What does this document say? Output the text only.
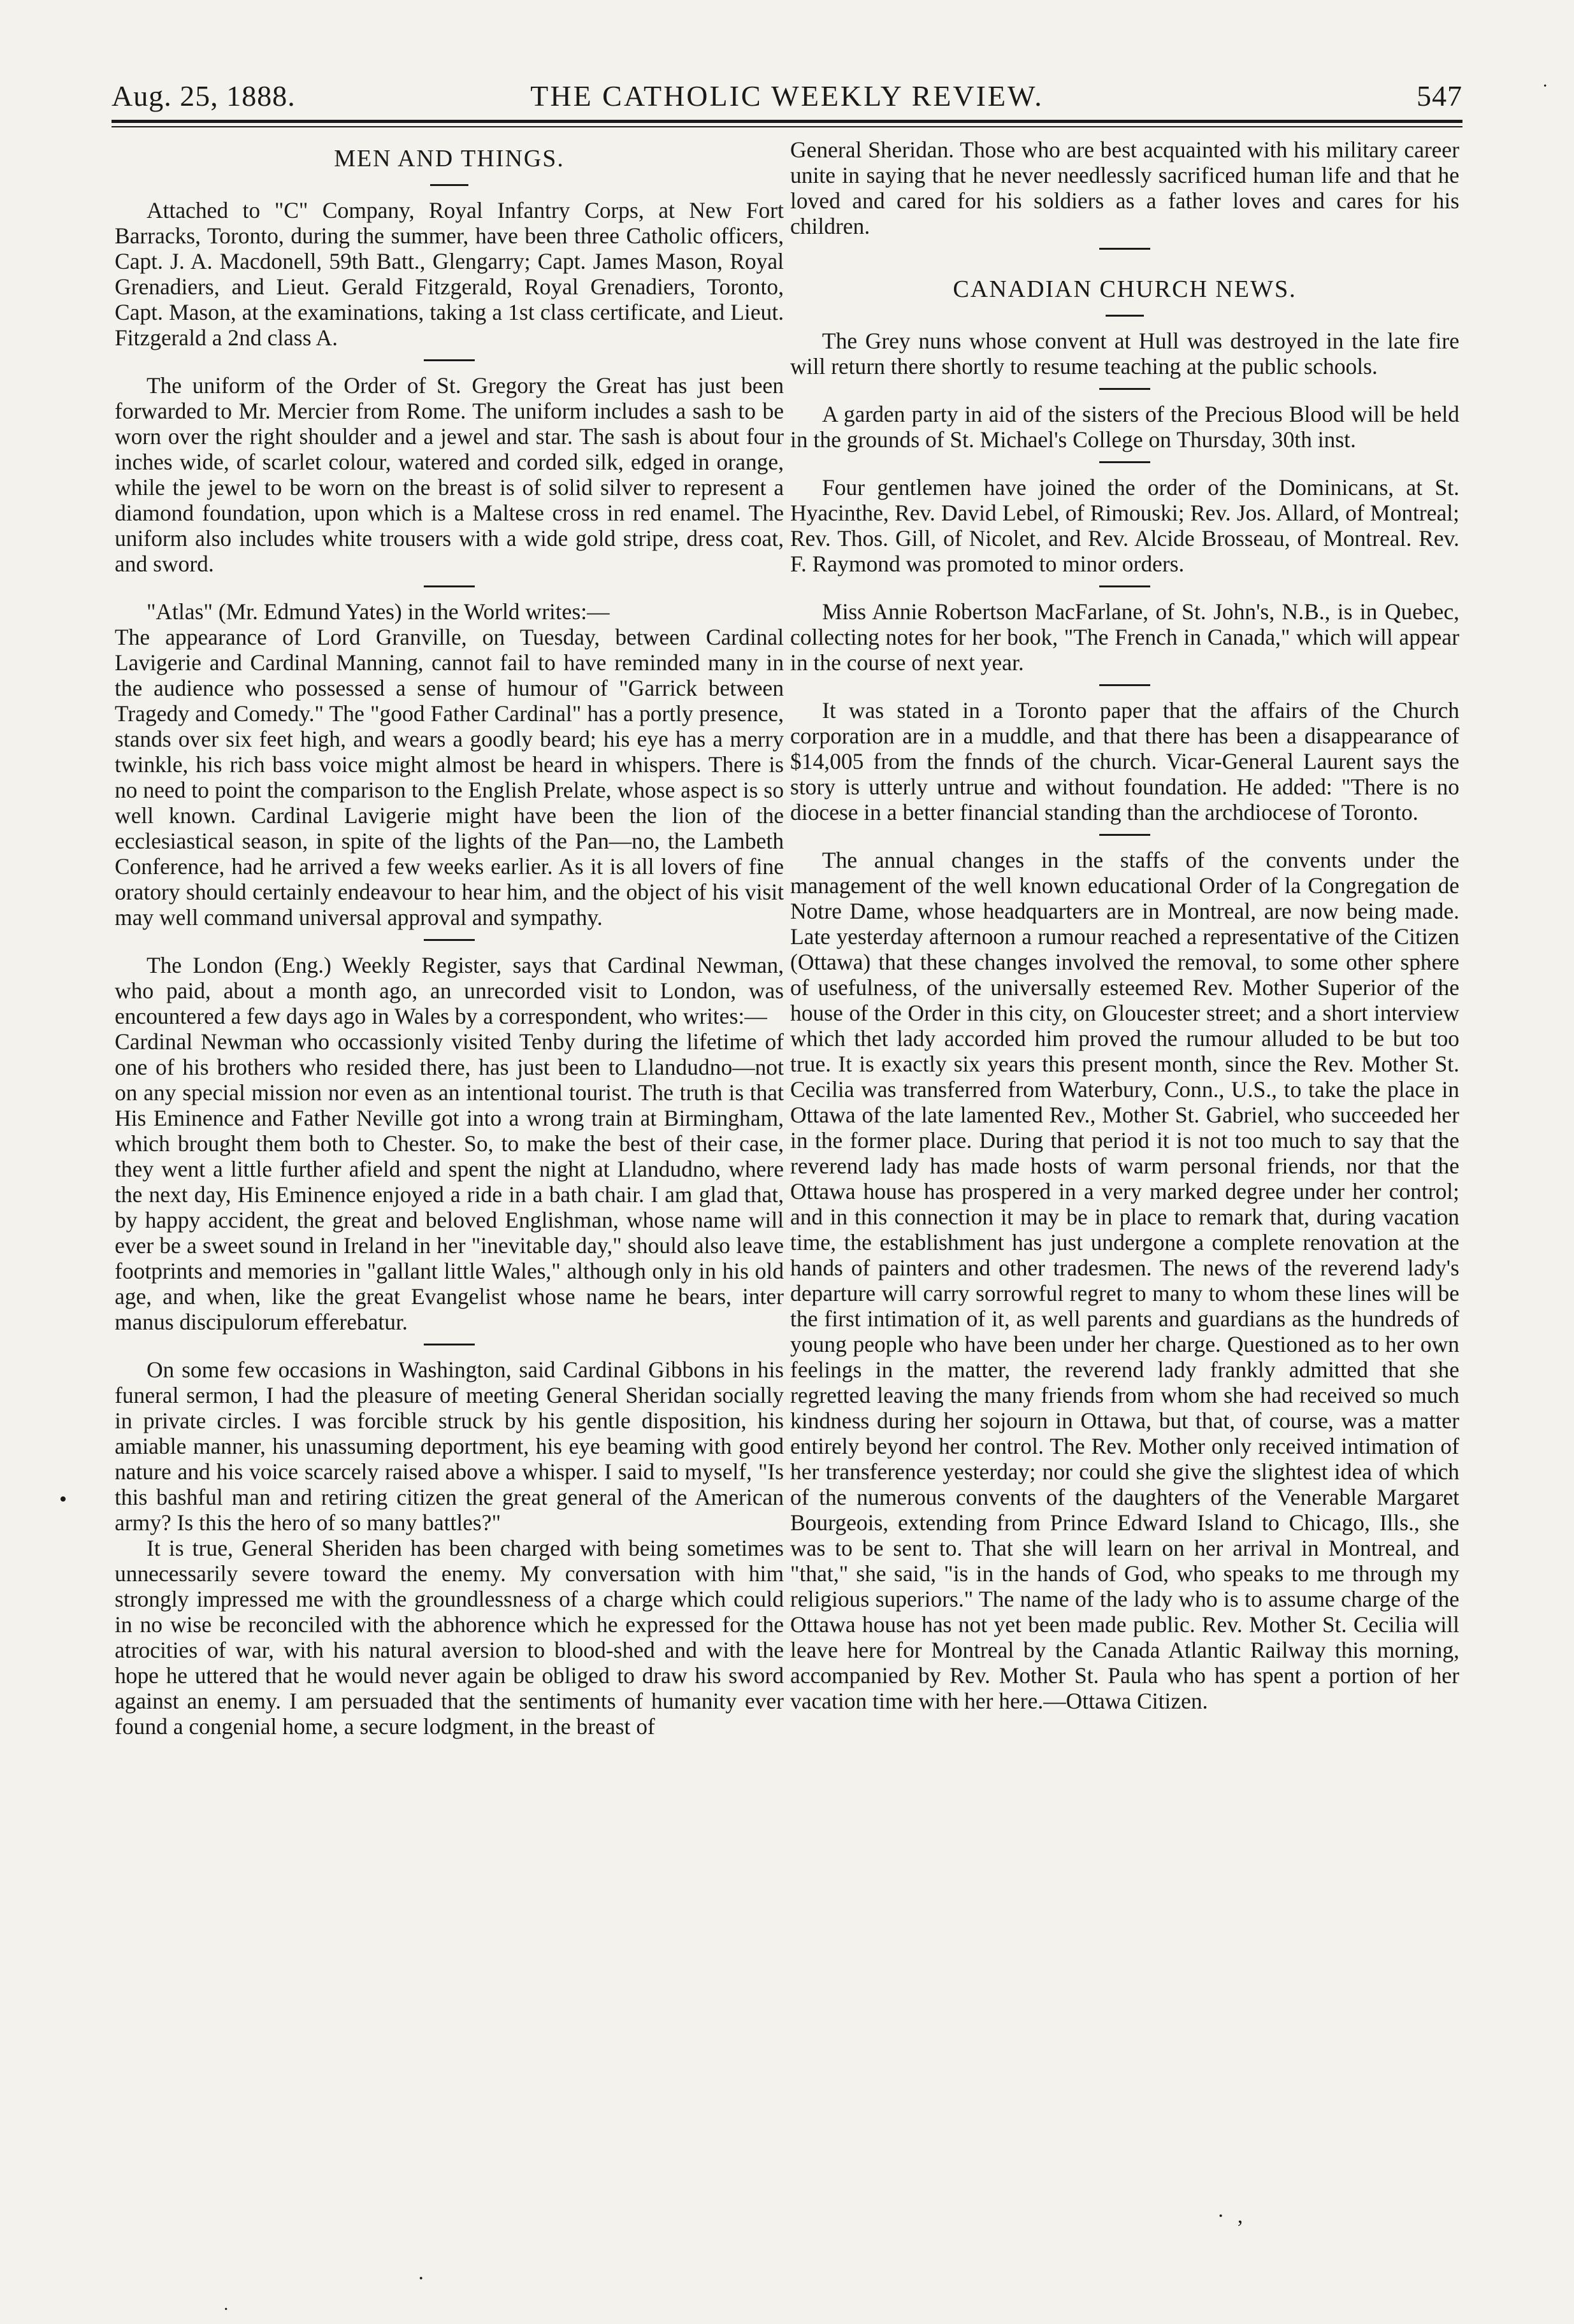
Aug. 25, 1888.	THE CATHOLIC WEEKLY REVIEW.	547
MEN AND THINGS.

Attached to "C" Company, Royal Infantry Corps, at New Fort Barracks, Toronto, during the summer, have been three Catholic officers, Capt. J. A. Macdonell, 59th Batt., Glengarry; Capt. James Mason, Royal Grenadiers, and Lieut. Gerald Fitzgerald, Royal Grenadiers, Toronto, Capt. Mason, at the examinations, taking a 1st class certificate, and Lieut. Fitzgerald a 2nd class A.

The uniform of the Order of St. Gregory the Great has just been forwarded to Mr. Mercier from Rome. The uniform includes a sash to be worn over the right shoulder and a jewel and star. The sash is about four inches wide, of scarlet colour, watered and corded silk, edged in orange, while the jewel to be worn on the breast is of solid silver to represent a diamond foundation, upon which is a Maltese cross in red enamel. The uniform also includes white trousers with a wide gold stripe, dress coat, and sword.

"Atlas" (Mr. Edmund Yates) in the World writes:—

The appearance of Lord Granville, on Tuesday, between Cardinal Lavigerie and Cardinal Manning, cannot fail to have reminded many in the audience who possessed a sense of humour of "Garrick between Tragedy and Comedy." The "good Father Cardinal" has a portly presence, stands over six feet high, and wears a goodly beard; his eye has a merry twinkle, his rich bass voice might almost be heard in whispers. There is no need to point the comparison to the English Prelate, whose aspect is so well known. Cardinal Lavigerie might have been the lion of the ecclesiastical season, in spite of the lights of the Pan—no, the Lambeth Conference, had he arrived a few weeks earlier. As it is all lovers of fine oratory should certainly endeavour to hear him, and the object of his visit may well command universal approval and sympathy.

The London (Eng.) Weekly Register, says that Cardinal Newman, who paid, about a month ago, an unrecorded visit to London, was encountered a few days ago in Wales by a correspondent, who writes:—

Cardinal Newman who occassionly visited Tenby during the lifetime of one of his brothers who resided there, has just been to Llandudno—not on any special mission nor even as an intentional tourist. The truth is that His Eminence and Father Neville got into a wrong train at Birmingham, which brought them both to Chester. So, to make the best of their case, they went a little further afield and spent the night at Llandudno, where the next day, His Eminence enjoyed a ride in a bath chair. I am glad that, by happy accident, the great and beloved Englishman, whose name will ever be a sweet sound in Ireland in her "inevitable day," should also leave footprints and memories in "gallant little Wales," although only in his old age, and when, like the great Evangelist whose name he bears, inter manus discipulorum efferebatur.

On some few occasions in Washington, said Cardinal Gibbons in his funeral sermon, I had the pleasure of meeting General Sheridan socially in private circles. I was forcible struck by his gentle disposition, his amiable manner, his unassuming deportment, his eye beaming with good nature and his voice scarcely raised above a whisper. I said to myself, "Is this bashful man and retiring citizen the great general of the American army? Is this the hero of so many battles?"

It is true, General Sheriden has been charged with being sometimes unnecessarily severe toward the enemy. My conversation with him strongly impressed me with the groundlessness of a charge which could in no wise be reconciled with the abhorence which he expressed for the atrocities of war, with his natural aversion to blood-shed and with the hope he uttered that he would never again be obliged to draw his sword against an enemy. I am persuaded that the sentiments of humanity ever found a congenial home, a secure lodgment, in the breast of

General Sheridan. Those who are best acquainted with his military career unite in saying that he never needlessly sacrificed human life and that he loved and cared for his soldiers as a father loves and cares for his children.

CANADIAN CHURCH NEWS.

The Grey nuns whose convent at Hull was destroyed in the late fire will return there shortly to resume teaching at the public schools.

A garden party in aid of the sisters of the Precious Blood will be held in the grounds of St. Michael's College on Thursday, 30th inst.

Four gentlemen have joined the order of the Dominicans, at St. Hyacinthe, Rev. David Lebel, of Rimouski; Rev. Jos. Allard, of Montreal; Rev. Thos. Gill, of Nicolet, and Rev. Alcide Brosseau, of Montreal. Rev. F. Raymond was promoted to minor orders.

Miss Annie Robertson MacFarlane, of St. John's, N.B., is in Quebec, collecting notes for her book, "The French in Canada," which will appear in the course of next year.

It was stated in a Toronto paper that the affairs of the Church corporation are in a muddle, and that there has been a disappearance of $14,005 from the fnnds of the church. Vicar-General Laurent says the story is utterly untrue and without foundation. He added: "There is no diocese in a better financial standing than the archdiocese of Toronto.

The annual changes in the staffs of the convents under the management of the well known educational Order of la Congregation de Notre Dame, whose headquarters are in Montreal, are now being made. Late yesterday afternoon a rumour reached a representative of the Citizen (Ottawa) that these changes involved the removal, to some other sphere of usefulness, of the universally esteemed Rev. Mother Superior of the house of the Order in this city, on Gloucester street; and a short interview which thet lady accorded him proved the rumour alluded to be but too true. It is exactly six years this present month, since the Rev. Mother St. Cecilia was transferred from Waterbury, Conn., U.S., to take the place in Ottawa of the late lamented Rev., Mother St. Gabriel, who succeeded her in the former place. During that period it is not too much to say that the reverend lady has made hosts of warm personal friends, nor that the Ottawa house has prospered in a very marked degree under her control; and in this connection it may be in place to remark that, during vacation time, the establishment has just undergone a complete renovation at the hands of painters and other tradesmen. The news of the reverend lady's departure will carry sorrowful regret to many to whom these lines will be the first intimation of it, as well parents and guardians as the hundreds of young people who have been under her charge. Questioned as to her own feelings in the matter, the reverend lady frankly admitted that she regretted leaving the many friends from whom she had received so much kindness during her sojourn in Ottawa, but that, of course, was a matter entirely beyond her control. The Rev. Mother only received intimation of her transference yesterday; nor could she give the slightest idea of which of the numerous convents of the daughters of the Venerable Margaret Bourgeois, extending from Prince Edward Island to Chicago, Ills., she was to be sent to. That she will learn on her arrival in Montreal, and "that," she said, "is in the hands of God, who speaks to me through my religious superiors." The name of the lady who is to assume charge of the Ottawa house has not yet been made public. Rev. Mother St. Cecilia will leave here for Montreal by the Canada Atlantic Railway this morning, accompanied by Rev. Mother St. Paula who has spent a portion of her vacation time with her here.—Ottawa Citizen.

•
· ,
·
·
·
